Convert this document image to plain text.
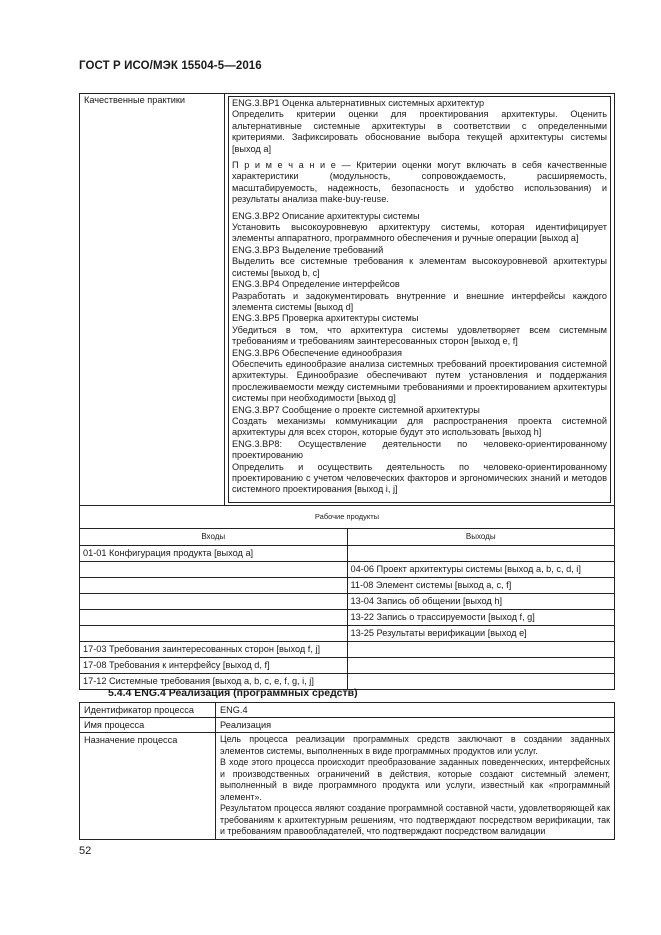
ГОСТ Р ИСО/МЭК 15504-5—2016
Качественные практики	ENG.3.BP1 Оценка альтернативных системных архитектур

Определить критерии оценки для проектирования архитектуры. Оценить альтернативные системные архитектуры в соответствии с определенными критериями. Зафиксировать обоснование выбора текущей архитектуры системы [выход a]

П р и м е ч а н и е — Критерии оценки могут включать в себя качественные характеристики (модульность, сопровождаемость, расширяемость, масштабируемость, надежность, безопасность и удобство использования) и результаты анализа make-buy-reuse.

ENG.3.BP2 Описание архитектуры системы

Установить высокоуровневую архитектуру системы, которая идентифицирует элементы аппаратного, программного обеспечения и ручные операции [выход a]

ENG.3.BP3 Выделение требований

Выделить все системные требования к элементам высокоуровневой архитектуры системы [выход b, c]

ENG.3.BP4 Определение интерфейсов

Разработать и задокументировать внутренние и внешние интерфейсы каждого элемента системы [выход d]

ENG.3.BP5 Проверка архитектуры системы

Убедиться в том, что архитектура системы удовлетворяет всем системным требованиям и требованиям заинтересованных сторон [выход e, f]

ENG.3.BP6 Обеспечение единообразия

Обеспечить единообразие анализа системных требований проектирования системной архитектуры. Единообразие обеспечивают путем установления и поддержания прослеживаемости между системными требованиями и проектированием архитектуры системы при необходимости [выход g]

ENG.3.BP7 Сообщение о проекте системной архитектуры

Создать механизмы коммуникации для распространения проекта системной архитектуры для всех сторон, которые будут это использовать [выход h]

ENG.3.BP8: Осуществление деятельности по человеко-ориентированному проектированию

Определить и осуществить деятельность по человеко-ориентированному проектированию с учетом человеческих факторов и эргономических знаний и методов системного проектирования [выход i, j]

Рабочие продукты	
Входы	Выходы
01-01 Конфигурация продукта [выход a]	
	04-06 Проект архитектуры системы [выход a, b, c, d, i]
	11-08 Элемент системы [выход a, c, f]
	13-04 Запись об общении [выход h]
	13-22 Запись о трассируемости [выход f, g]
	13-25 Результаты верификации [выход e]
17-03 Требования заинтересованных сторон [выход f, j]	
17-08 Требования к интерфейсу [выход d, f]	
17-12 Системные требования [выход a, b, c, e, f, g, i, j]	
5.4.4 ENG.4 Реализация (программных средств)
Идентификатор процесса	ENG.4
Имя процесса	Реализация
Назначение процесса	Цель процесса реализации программных средств заключают в создании заданных элементов системы, выполненных в виде программных продуктов или услуг.

В ходе этого процесса происходит преобразование заданных поведенческих, интерфейсных и производственных ограничений в действия, которые создают системный элемент, выполненный в виде программного продукта или услуги, известный как «программный элемент».

Результатом процесса являют создание программной составной части, удовлетворяющей как требованиям к архитектурным решениям, что подтверждают посредством верификации, так и требованиям правообладателей, что подтверждают посредством валидации

52
